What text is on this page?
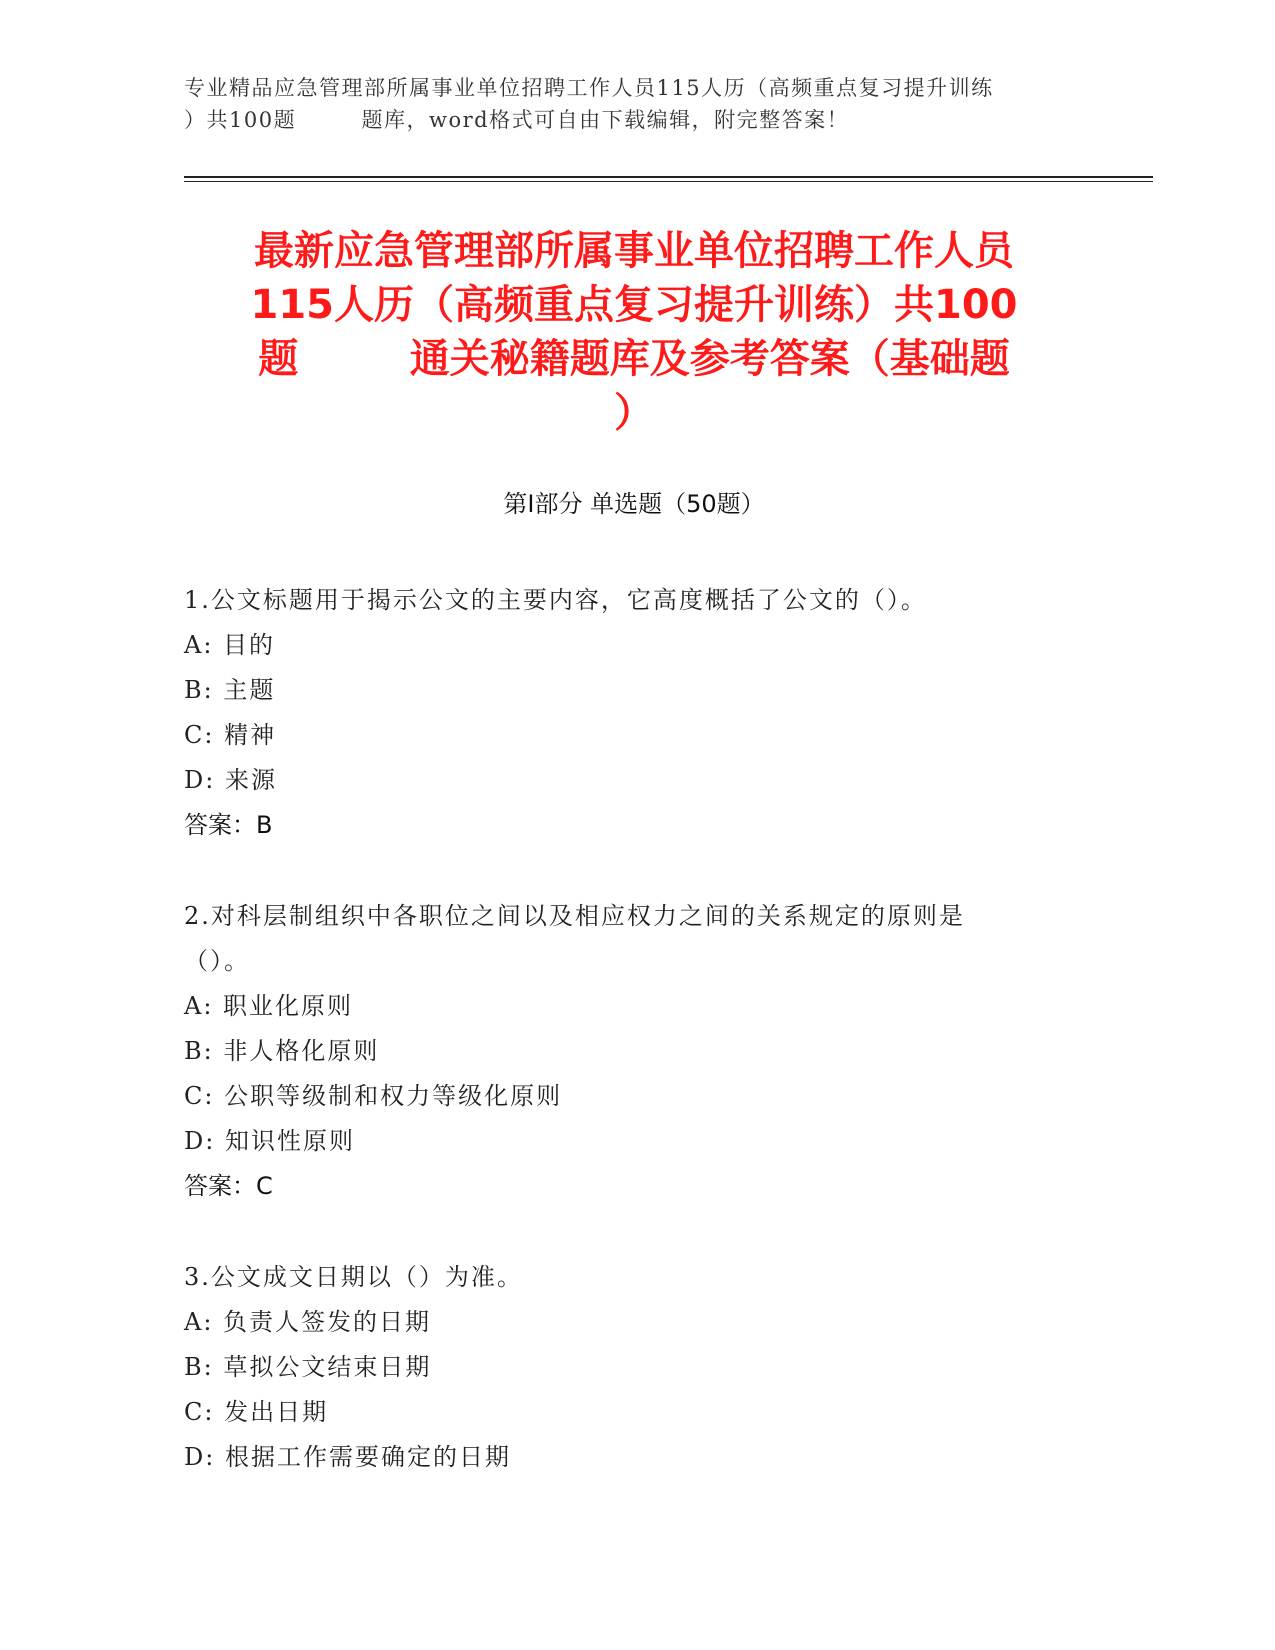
专业精品应急管理部所属事业单位招聘工作人员115人历（高频重点复习提升训练
）共100题        题库，word格式可自由下载编辑，附完整答案！
最新应急管理部所属事业单位招聘工作人员
115人历（高频重点复习提升训练）共100
题        通关秘籍题库及参考答案（基础题
）
第Ⅰ部分 单选题（50题）
1.公文标题用于揭示公文的主要内容，它高度概括了公文的（）。
A: 目的
B: 主题
C: 精神
D: 来源
答案：B
2.对科层制组织中各职位之间以及相应权力之间的关系规定的原则是
（）。
A: 职业化原则
B: 非人格化原则
C: 公职等级制和权力等级化原则
D: 知识性原则
答案：C
3.公文成文日期以（）为准。
A: 负责人签发的日期
B: 草拟公文结束日期
C: 发出日期
D: 根据工作需要确定的日期
